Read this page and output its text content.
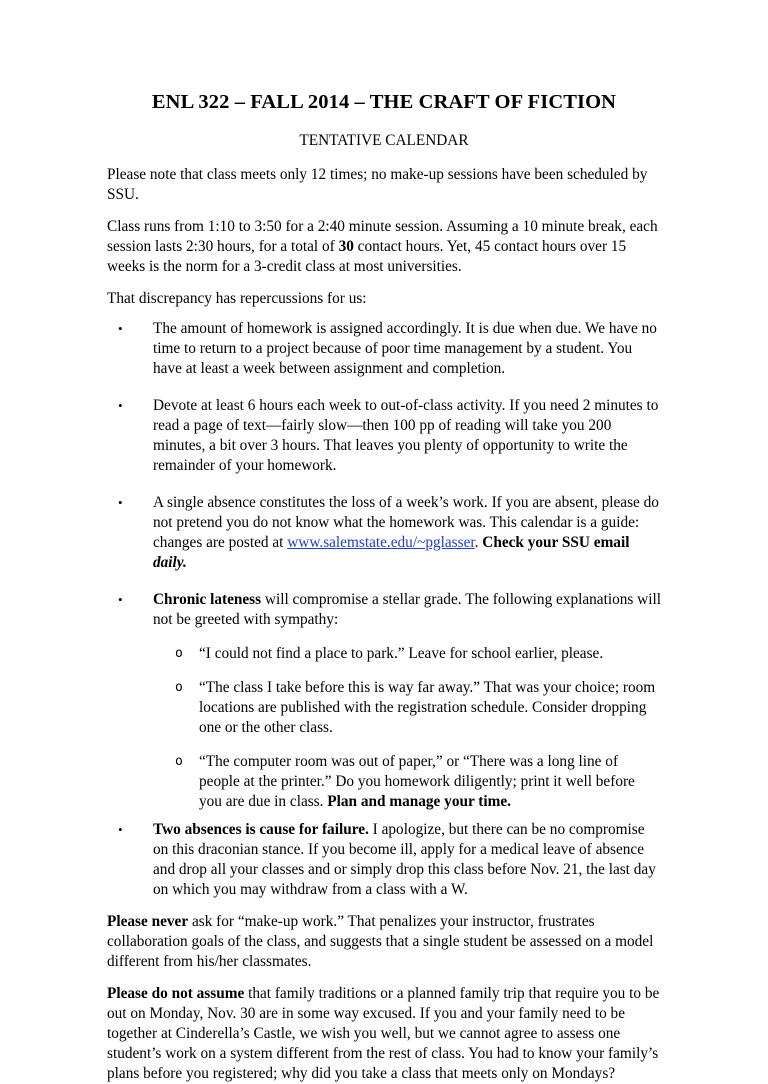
ENL 322 – FALL 2014 – THE CRAFT OF FICTION
TENTATIVE CALENDAR

Please note that class meets only 12 times; no make-up sessions have been scheduled by SSU.

Class runs from 1:10 to 3:50 for a 2:40 minute session. Assuming a 10 minute break, each session lasts 2:30 hours, for a total of 30 contact hours. Yet, 45 contact hours over 15 weeks is the norm for a 3-credit class at most universities.

That discrepancy has repercussions for us:

• The amount of homework is assigned accordingly. It is due when due. We have no time to return to a project because of poor time management by a student. You have at least a week between assignment and completion.
• Devote at least 6 hours each week to out-of-class activity. If you need 2 minutes to read a page of text—fairly slow—then 100 pp of reading will take you 200 minutes, a bit over 3 hours. That leaves you plenty of opportunity to write the remainder of your homework.
• A single absence constitutes the loss of a week’s work. If you are absent, please do not pretend you do not know what the homework was. This calendar is a guide: changes are posted at www.salemstate.edu/~pglasser. Check your SSU email daily.
• Chronic lateness will compromise a stellar grade. The following explanations will not be greeted with sympathy:
o “I could not find a place to park.” Leave for school earlier, please.
o “The class I take before this is way far away.” That was your choice; room locations are published with the registration schedule. Consider dropping one or the other class.
o “The computer room was out of paper,” or “There was a long line of people at the printer.” Do you homework diligently; print it well before you are due in class. Plan and manage your time.
• Two absences is cause for failure. I apologize, but there can be no compromise on this draconian stance. If you become ill, apply for a medical leave of absence and drop all your classes and or simply drop this class before Nov. 21, the last day on which you may withdraw from a class with a W.

Please never ask for “make-up work.” That penalizes your instructor, frustrates collaboration goals of the class, and suggests that a single student be assessed on a model different from his/her classmates.

Please do not assume that family traditions or a planned family trip that require you to be out on Monday, Nov. 30 are in some way excused. If you and your family need to be together at Cinderella’s Castle, we wish you well, but we cannot agree to assess one student’s work on a system different from the rest of class. You had to know your family’s plans before you registered; why did you take a class that meets only on Mondays?
